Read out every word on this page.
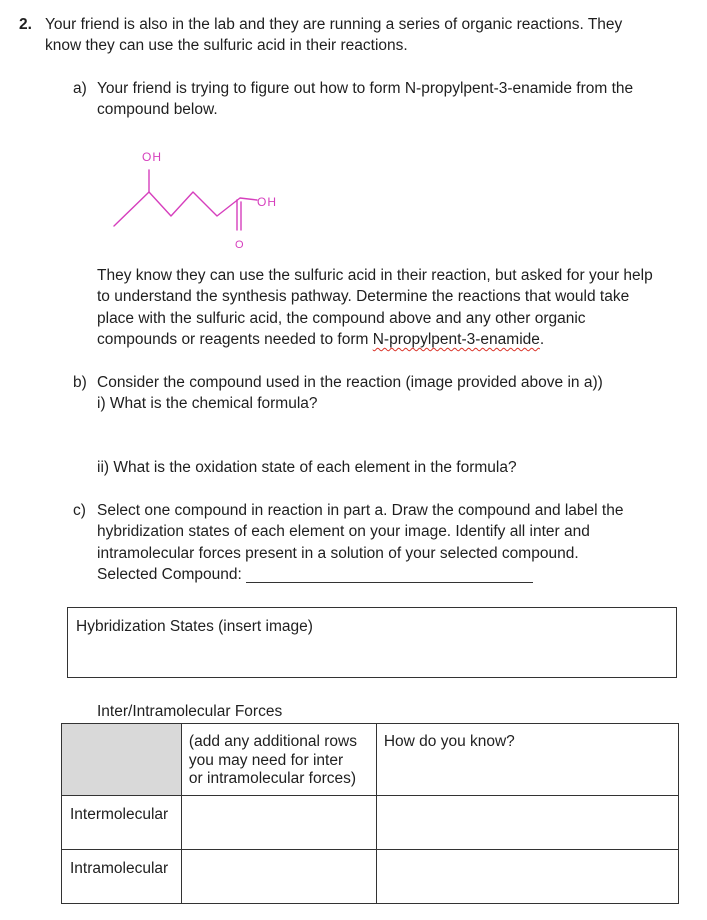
2. Your friend is also in the lab and they are running a series of organic reactions. They
know they can use the sulfuric acid in their reactions.
a) Your friend is trying to figure out how to form N-propylpent-3-enamide from the
compound below.
OH
OH
O
They know they can use the sulfuric acid in their reaction, but asked for your help
to understand the synthesis pathway. Determine the reactions that would take
place with the sulfuric acid, the compound above and any other organic
compounds or reagents needed to form N-propylpent-3-enamide.
b) Consider the compound used in the reaction (image provided above in a))
i) What is the chemical formula?
ii) What is the oxidation state of each element in the formula?
c) Select one compound in reaction in part a. Draw the compound and label the
hybridization states of each element on your image. Identify all inter and
intramolecular forces present in a solution of your selected compound.
Selected Compound:
Hybridization States (insert image)
Inter/Intramolecular Forces

	(add any additional rows
you may need for inter
or intramolecular forces)	How do you know?

Intermolecular		

Intramolecular		
